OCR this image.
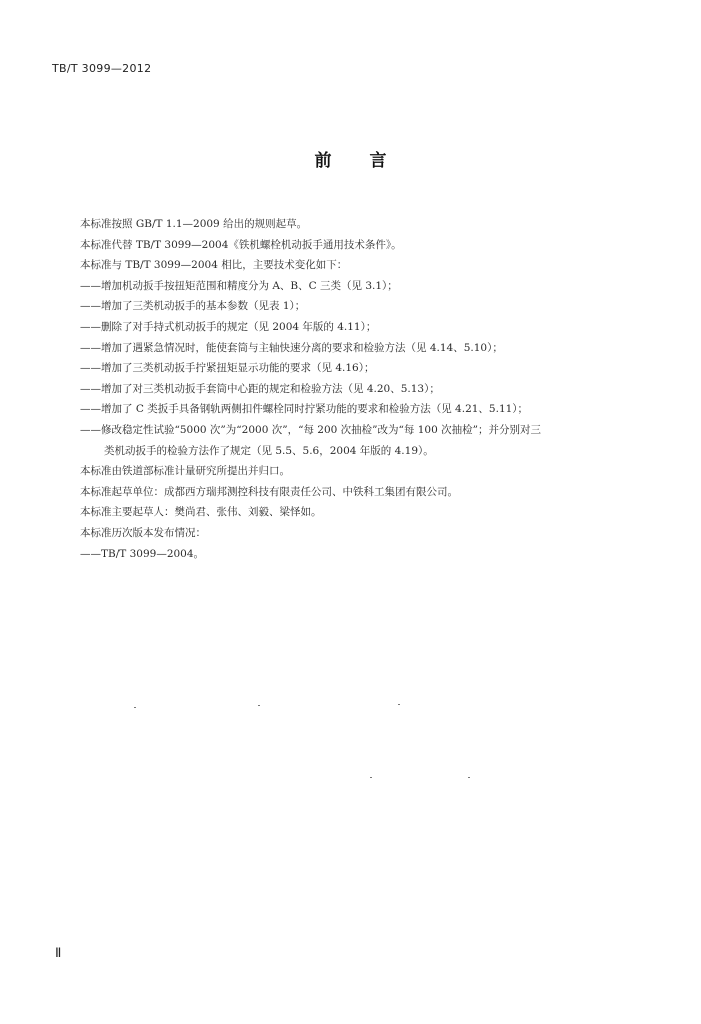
TB/T 3099—2012
前言
本标准按照 GB/T 1.1—2009 给出的规则起草。
本标准代替 TB/T 3099—2004《铁机螺栓机动扳手通用技术条件》。
本标准与 TB/T 3099—2004 相比，主要技术变化如下：
——增加机动扳手按扭矩范围和精度分为 A、B、C 三类（见 3.1）；
——增加了三类机动扳手的基本参数（见表 1）；
——删除了对手持式机动扳手的规定（见 2004 年版的 4.11）；
——增加了遇紧急情况时，能使套筒与主轴快速分离的要求和检验方法（见 4.14、5.10）；
——增加了三类机动扳手拧紧扭矩显示功能的要求（见 4.16）；
——增加了对三类机动扳手套筒中心距的规定和检验方法（见 4.20、5.13）；
——增加了 C 类扳手具备钢轨两侧扣件螺栓同时拧紧功能的要求和检验方法（见 4.21、5.11）；
——修改稳定性试验“5000 次”为“2000 次”，“每 200 次抽检”改为“每 100 次抽检”；并分别对三
类机动扳手的检验方法作了规定（见 5.5、5.6，2004 年版的 4.19）。
本标准由铁道部标准计量研究所提出并归口。
本标准起草单位：成都西方瑞邦测控科技有限责任公司、中铁科工集团有限公司。
本标准主要起草人：樊尚君、张伟、刘毅、梁怿如。
本标准历次版本发布情况：
——TB/T 3099—2004。
Ⅱ
